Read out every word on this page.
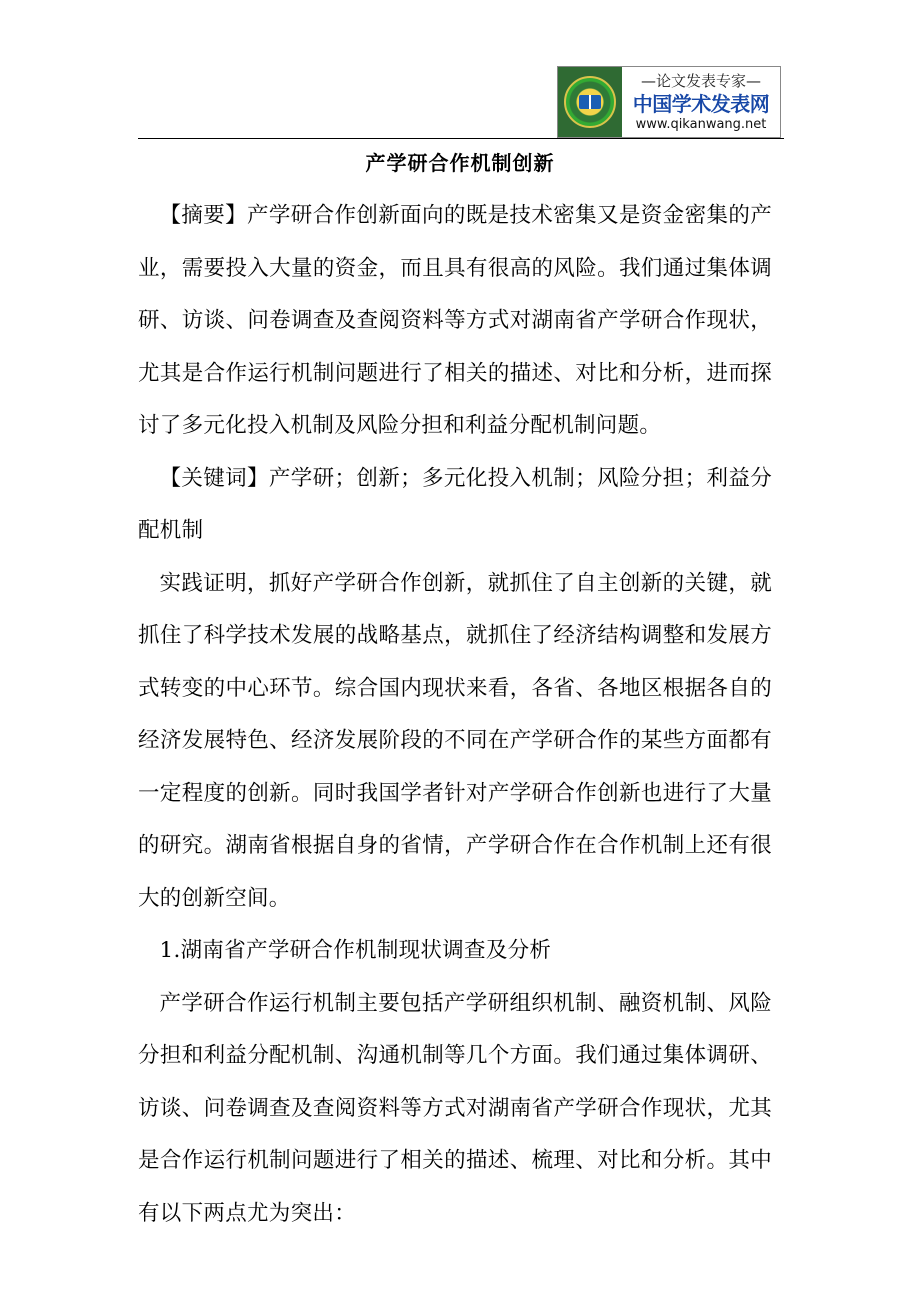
—论文发表专家—
中国学术发表网
www.qikanwang.net
产学研合作机制创新

【摘要】产学研合作创新面向的既是技术密集又是资金密集的产业，需要投入大量的资金，而且具有很高的风险。我们通过集体调研、访谈、问卷调查及查阅资料等方式对湖南省产学研合作现状，尤其是合作运行机制问题进行了相关的描述、对比和分析，进而探讨了多元化投入机制及风险分担和利益分配机制问题。

【关键词】产学研；创新；多元化投入机制；风险分担；利益分配机制

实践证明，抓好产学研合作创新，就抓住了自主创新的关键，就抓住了科学技术发展的战略基点，就抓住了经济结构调整和发展方式转变的中心环节。综合国内现状来看，各省、各地区根据各自的经济发展特色、经济发展阶段的不同在产学研合作的某些方面都有一定程度的创新。同时我国学者针对产学研合作创新也进行了大量的研究。湖南省根据自身的省情，产学研合作在合作机制上还有很大的创新空间。

1.湖南省产学研合作机制现状调查及分析

产学研合作运行机制主要包括产学研组织机制、融资机制、风险分担和利益分配机制、沟通机制等几个方面。我们通过集体调研、访谈、问卷调查及查阅资料等方式对湖南省产学研合作现状，尤其是合作运行机制问题进行了相关的描述、梳理、对比和分析。其中有以下两点尤为突出：
